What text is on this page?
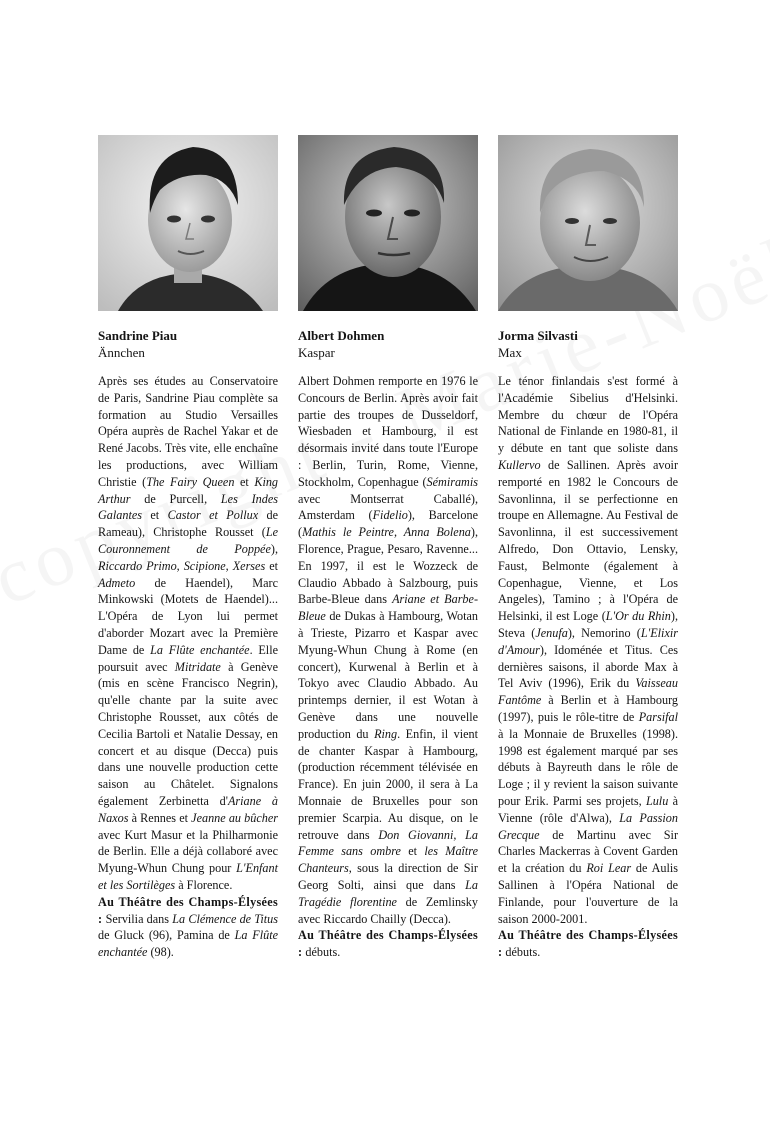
Sandrine Piau
Ännchen
Après ses études au Conservatoire de Paris, Sandrine Piau complète sa formation au Studio Versailles Opéra auprès de Rachel Yakar et de René Jacobs. Très vite, elle enchaîne les productions, avec William Christie (The Fairy Queen et King Arthur de Purcell, Les Indes Galantes et Castor et Pollux de Rameau), Christophe Rousset (Le Couronnement de Poppée), Riccardo Primo, Scipione, Xerses et Admeto de Haendel), Marc Minkowski (Motets de Haendel)... L'Opéra de Lyon lui permet d'aborder Mozart avec la Première Dame de La Flûte enchantée. Elle poursuit avec Mitridate à Genève (mis en scène Francisco Negrin), qu'elle chante par la suite avec Christophe Rousset, aux côtés de Cecilia Bartoli et Natalie Dessay, en concert et au disque (Decca) puis dans une nouvelle production cette saison au Châtelet. Signalons également Zerbinetta d'Ariane à Naxos à Rennes et Jeanne au bûcher avec Kurt Masur et la Philharmonie de Berlin. Elle a déjà collaboré avec Myung-Whun Chung pour L'Enfant et les Sortilèges à Florence.
Au Théâtre des Champs-Élysées : Servilia dans La Clémence de Titus de Gluck (96), Pamina de La Flûte enchantée (98).
Albert Dohmen
Kaspar
Albert Dohmen remporte en 1976 le Concours de Berlin. Après avoir fait partie des troupes de Dusseldorf, Wiesbaden et Hambourg, il est désormais invité dans toute l'Europe : Berlin, Turin, Rome, Vienne, Stockholm, Copenhague (Sémiramis avec Montserrat Caballé), Amsterdam (Fidelio), Barcelone (Mathis le Peintre, Anna Bolena), Florence, Prague, Pesaro, Ravenne... En 1997, il est le Wozzeck de Claudio Abbado à Salzbourg, puis Barbe-Bleue dans Ariane et Barbe-Bleue de Dukas à Hambourg, Wotan à Trieste, Pizarro et Kaspar avec Myung-Whun Chung à Rome (en concert), Kurwenal à Berlin et à Tokyo avec Claudio Abbado. Au printemps dernier, il est Wotan à Genève dans une nouvelle production du Ring. Enfin, il vient de chanter Kaspar à Hambourg, (production récemment télévisée en France). En juin 2000, il sera à La Monnaie de Bruxelles pour son premier Scarpia. Au disque, on le retrouve dans Don Giovanni, La Femme sans ombre et les Maître Chanteurs, sous la direction de Sir Georg Solti, ainsi que dans La Tragédie florentine de Zemlinsky avec Riccardo Chailly (Decca).
Au Théâtre des Champs-Élysées : débuts.
Jorma Silvasti
Max
Le ténor finlandais s'est formé à l'Académie Sibelius d'Helsinki. Membre du chœur de l'Opéra National de Finlande en 1980-81, il y débute en tant que soliste dans Kullervo de Sallinen. Après avoir remporté en 1982 le Concours de Savonlinna, il se perfectionne en troupe en Allemagne. Au Festival de Savonlinna, il est successivement Alfredo, Don Ottavio, Lensky, Faust, Belmonte (également à Copenhague, Vienne, et Los Angeles), Tamino ; à l'Opéra de Helsinki, il est Loge (L'Or du Rhin), Steva (Jenufa), Nemorino (L'Elixir d'Amour), Idoménée et Titus. Ces dernières saisons, il aborde Max à Tel Aviv (1996), Erik du Vaisseau Fantôme à Berlin et à Hambourg (1997), puis le rôle-titre de Parsifal à la Monnaie de Bruxelles (1998). 1998 est également marqué par ses débuts à Bayreuth dans le rôle de Loge ; il y revient la saison suivante pour Erik. Parmi ses projets, Lulu à Vienne (rôle d'Alwa), La Passion Grecque de Martinu avec Sir Charles Mackerras à Covent Garden et la création du Roi Lear de Aulis Sallinen à l'Opéra National de Finlande, pour l'ouverture de la saison 2000-2001.
Au Théâtre des Champs-Élysées : débuts.
